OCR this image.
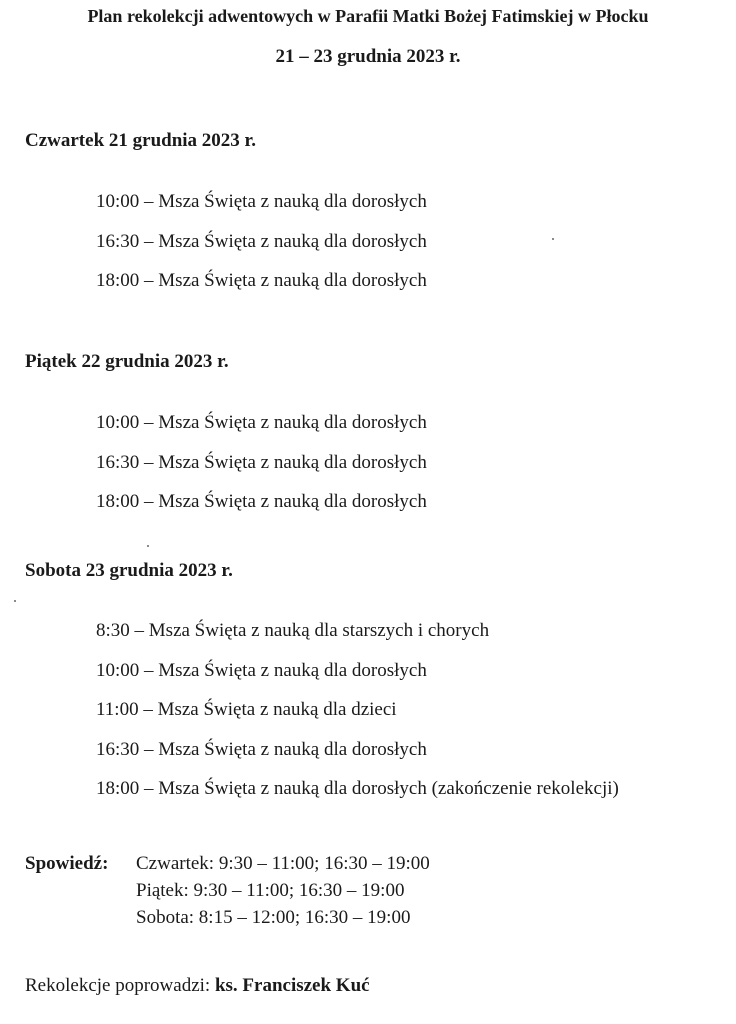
Plan rekolekcji adwentowych w Parafii Matki Bożej Fatimskiej w Płocku
21 – 23 grudnia 2023 r.
Czwartek 21 grudnia 2023 r.
10:00 – Msza Święta z nauką dla dorosłych
16:30 – Msza Święta z nauką dla dorosłych
18:00 – Msza Święta z nauką dla dorosłych
Piątek 22 grudnia 2023 r.
10:00 – Msza Święta z nauką dla dorosłych
16:30 – Msza Święta z nauką dla dorosłych
18:00 – Msza Święta z nauką dla dorosłych
Sobota 23 grudnia 2023 r.
8:30 – Msza Święta z nauką dla starszych i chorych
10:00 – Msza Święta z nauką dla dorosłych
11:00 – Msza Święta z nauką dla dzieci
16:30 – Msza Święta z nauką dla dorosłych
18:00 – Msza Święta z nauką dla dorosłych (zakończenie rekolekcji)
Spowiedź: Czwartek: 9:30 – 11:00; 16:30 – 19:00
Piątek: 9:30 – 11:00; 16:30 – 19:00
Sobota: 8:15 – 12:00; 16:30 – 19:00
Rekolekcje poprowadzi: ks. Franciszek Kuć
